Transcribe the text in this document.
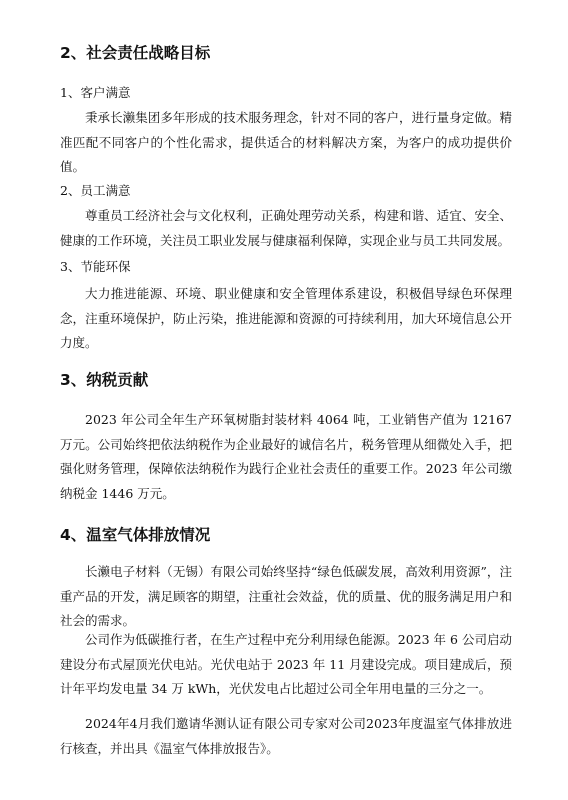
2、社会责任战略目标
1、客户满意

秉承长濑集团多年形成的技术服务理念，针对不同的客户，进行量身定做。精准匹配不同客户的个性化需求，提供适合的材料解决方案，为客户的成功提供价值。

2、员工满意

尊重员工经济社会与文化权利，正确处理劳动关系，构建和谐、适宜、安全、健康的工作环境，关注员工职业发展与健康福利保障，实现企业与员工共同发展。

3、节能环保

大力推进能源、环境、职业健康和安全管理体系建设，积极倡导绿色环保理念，注重环境保护，防止污染，推进能源和资源的可持续利用，加大环境信息公开力度。

3、纳税贡献

2023 年公司全年生产环氧树脂封装材料 4064 吨，工业销售产值为 12167 万元。公司始终把依法纳税作为企业最好的诚信名片，税务管理从细微处入手，把强化财务管理，保障依法纳税作为践行企业社会责任的重要工作。2023 年公司缴纳税金 1446 万元。

4、温室气体排放情况

长濑电子材料（无锡）有限公司始终坚持“绿色低碳发展，高效利用资源”，注重产品的开发，满足顾客的期望，注重社会效益，优的质量、优的服务满足用户和社会的需求。

公司作为低碳推行者，在生产过程中充分利用绿色能源。2023 年 6 公司启动建设分布式屋顶光伏电站。光伏电站于 2023 年 11 月建设完成。项目建成后，预计年平均发电量 34 万 kWh，光伏发电占比超过公司全年用电量的三分之一。

2024年4月我们邀请华测认证有限公司专家对公司2023年度温室气体排放进行核查，并出具《温室气体排放报告》。
